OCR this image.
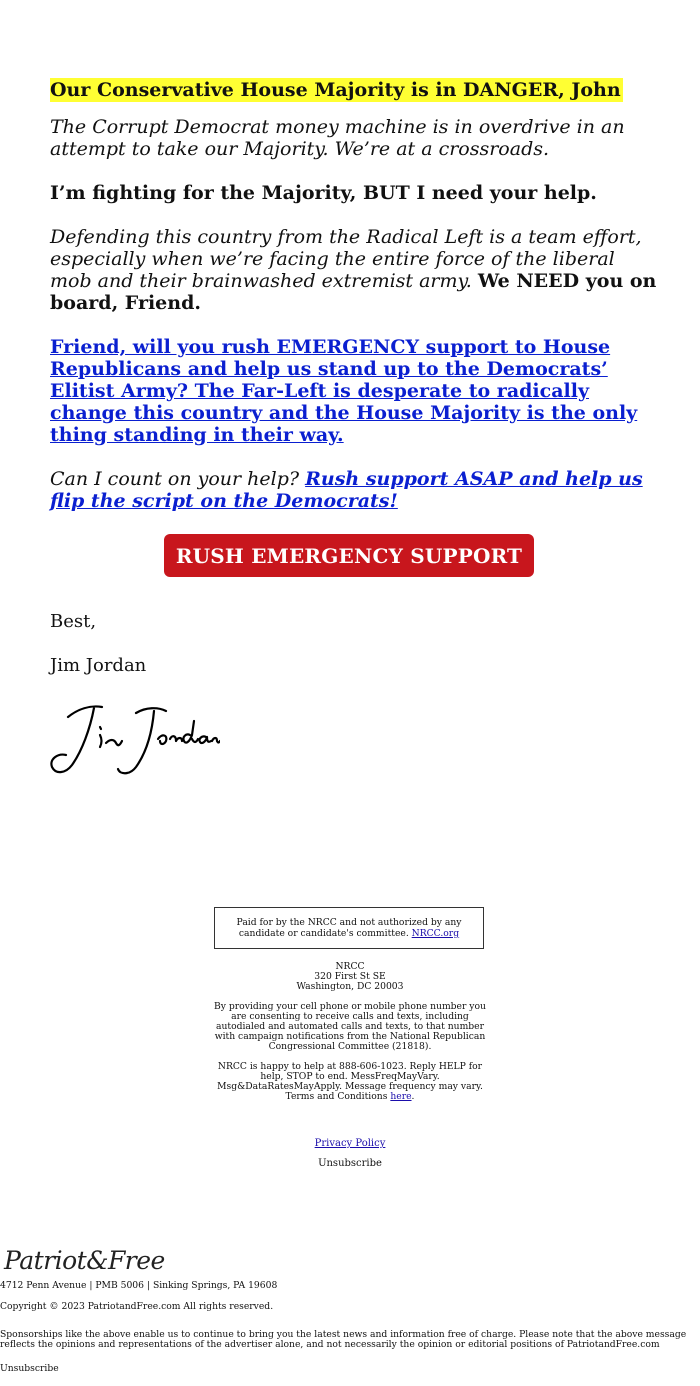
Our Conservative House Majority is in DANGER, John

The Corrupt Democrat money machine is in overdrive in an attempt to take our Majority. We’re at a crossroads.

I’m fighting for the Majority, BUT I need your help.

Defending this country from the Radical Left is a team effort, especially when we’re facing the entire force of the liberal mob and their brainwashed extremist army. We NEED you on board, Friend.

Friend, will you rush EMERGENCY support to House Republicans and help us stand up to the Democrats’ Elitist Army? The Far-Left is desperate to radically change this country and the House Majority is the only thing standing in their way.

Can I count on your help? Rush support ASAP and help us flip the script on the Democrats!

RUSH EMERGENCY SUPPORT

Best,

Jim Jordan

Paid for by the NRCC and not authorized by any candidate or candidate's committee. NRCC.org

NRCC
320 First St SE
Washington, DC 20003

By providing your cell phone or mobile phone number you are consenting to receive calls and texts, including autodialed and automated calls and texts, to that number with campaign notifications from the National Republican Congressional Committee (21818).

NRCC is happy to help at 888-606-1023. Reply HELP for help, STOP to end. MessFreqMayVary. Msg&DataRatesMayApply. Message frequency may vary. Terms and Conditions here.

Privacy Policy
Unsubscribe
Patriot&Free

4712 Penn Avenue | PMB 5006 | Sinking Springs, PA 19608

Copyright © 2023 PatriotandFree.com All rights reserved.

Sponsorships like the above enable us to continue to bring you the latest news and information free of charge. Please note that the above message reflects the opinions and representations of the advertiser alone, and not necessarily the opinion or editorial positions of PatriotandFree.com

Unsubscribe
